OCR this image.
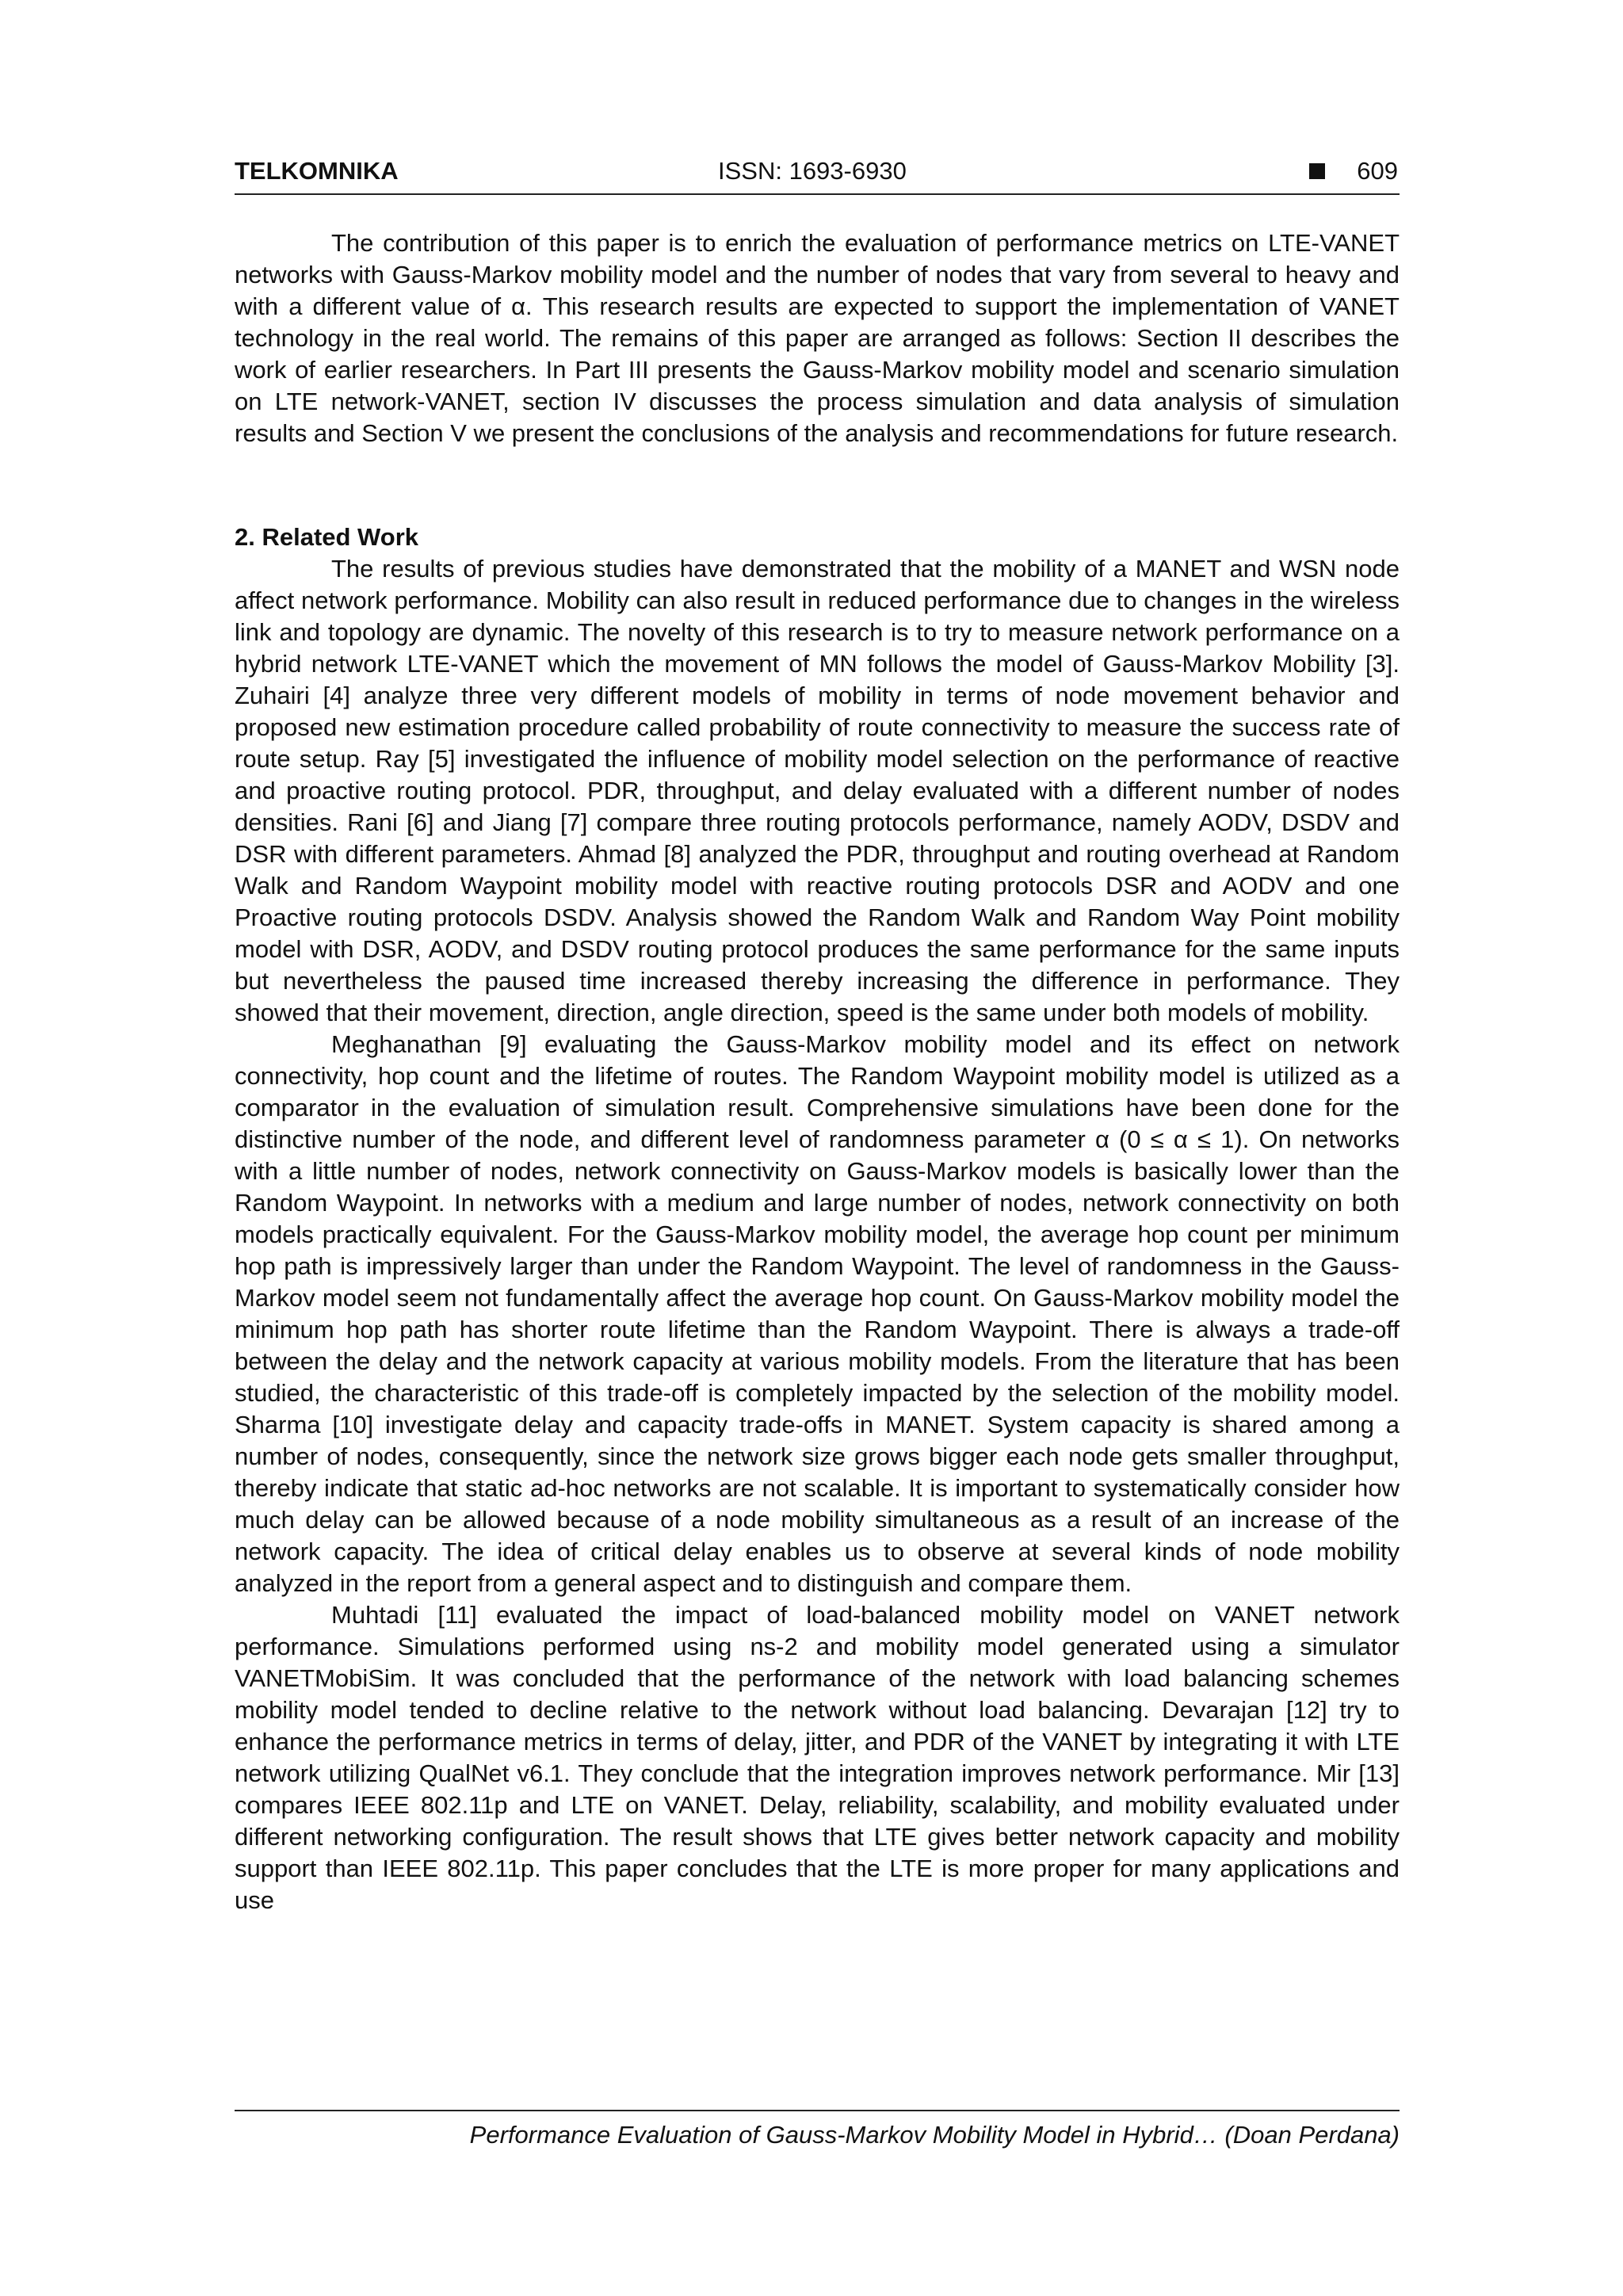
TELKOMNIKA	ISSN: 1693-6930	609

The contribution of this paper is to enrich the evaluation of performance metrics on LTE-VANET networks with Gauss-Markov mobility model and the number of nodes that vary from several to heavy and with a different value of α. This research results are expected to support the implementation of VANET technology in the real world. The remains of this paper are arranged as follows: Section II describes the work of earlier researchers. In Part III presents the Gauss-Markov mobility model and scenario simulation on LTE network-VANET, section IV discusses the process simulation and data analysis of simulation results and Section V we present the conclusions of the analysis and recommendations for future research.

2. Related Work

The results of previous studies have demonstrated that the mobility of a MANET and WSN node affect network performance. Mobility can also result in reduced performance due to changes in the wireless link and topology are dynamic. The novelty of this research is to try to measure network performance on a hybrid network LTE-VANET which the movement of MN follows the model of Gauss-Markov Mobility [3]. Zuhairi [4] analyze three very different models of mobility in terms of node movement behavior and proposed new estimation procedure called probability of route connectivity to measure the success rate of route setup. Ray [5] investigated the influence of mobility model selection on the performance of reactive and proactive routing protocol. PDR, throughput, and delay evaluated with a different number of nodes densities. Rani [6] and Jiang [7] compare three routing protocols performance, namely AODV, DSDV and DSR with different parameters. Ahmad [8] analyzed the PDR, throughput and routing overhead at Random Walk and Random Waypoint mobility model with reactive routing protocols DSR and AODV and one Proactive routing protocols DSDV. Analysis showed the Random Walk and Random Way Point mobility model with DSR, AODV, and DSDV routing protocol produces the same performance for the same inputs but nevertheless the paused time increased thereby increasing the difference in performance. They showed that their movement, direction, angle direction, speed is the same under both models of mobility.

Meghanathan [9] evaluating the Gauss-Markov mobility model and its effect on network connectivity, hop count and the lifetime of routes. The Random Waypoint mobility model is utilized as a comparator in the evaluation of simulation result. Comprehensive simulations have been done for the distinctive number of the node, and different level of randomness parameter α (0 ≤ α ≤ 1). On networks with a little number of nodes, network connectivity on Gauss-Markov models is basically lower than the Random Waypoint. In networks with a medium and large number of nodes, network connectivity on both models practically equivalent. For the Gauss-Markov mobility model, the average hop count per minimum hop path is impressively larger than under the Random Waypoint. The level of randomness in the Gauss-Markov model seem not fundamentally affect the average hop count. On Gauss-Markov mobility model the minimum hop path has shorter route lifetime than the Random Waypoint. There is always a trade-off between the delay and the network capacity at various mobility models. From the literature that has been studied, the characteristic of this trade-off is completely impacted by the selection of the mobility model. Sharma [10] investigate delay and capacity trade-offs in MANET. System capacity is shared among a number of nodes, consequently, since the network size grows bigger each node gets smaller throughput, thereby indicate that static ad-hoc networks are not scalable. It is important to systematically consider how much delay can be allowed because of a node mobility simultaneous as a result of an increase of the network capacity. The idea of critical delay enables us to observe at several kinds of node mobility analyzed in the report from a general aspect and to distinguish and compare them.

Muhtadi [11] evaluated the impact of load-balanced mobility model on VANET network performance. Simulations performed using ns-2 and mobility model generated using a simulator VANETMobiSim. It was concluded that the performance of the network with load balancing schemes mobility model tended to decline relative to the network without load balancing. Devarajan [12] try to enhance the performance metrics in terms of delay, jitter, and PDR of the VANET by integrating it with LTE network utilizing QualNet v6.1. They conclude that the integration improves network performance. Mir [13] compares IEEE 802.11p and LTE on VANET. Delay, reliability, scalability, and mobility evaluated under different networking configuration. The result shows that LTE gives better network capacity and mobility support than IEEE 802.11p. This paper concludes that the LTE is more proper for many applications and use

Performance Evaluation of Gauss-Markov Mobility Model in Hybrid… (Doan Perdana)
